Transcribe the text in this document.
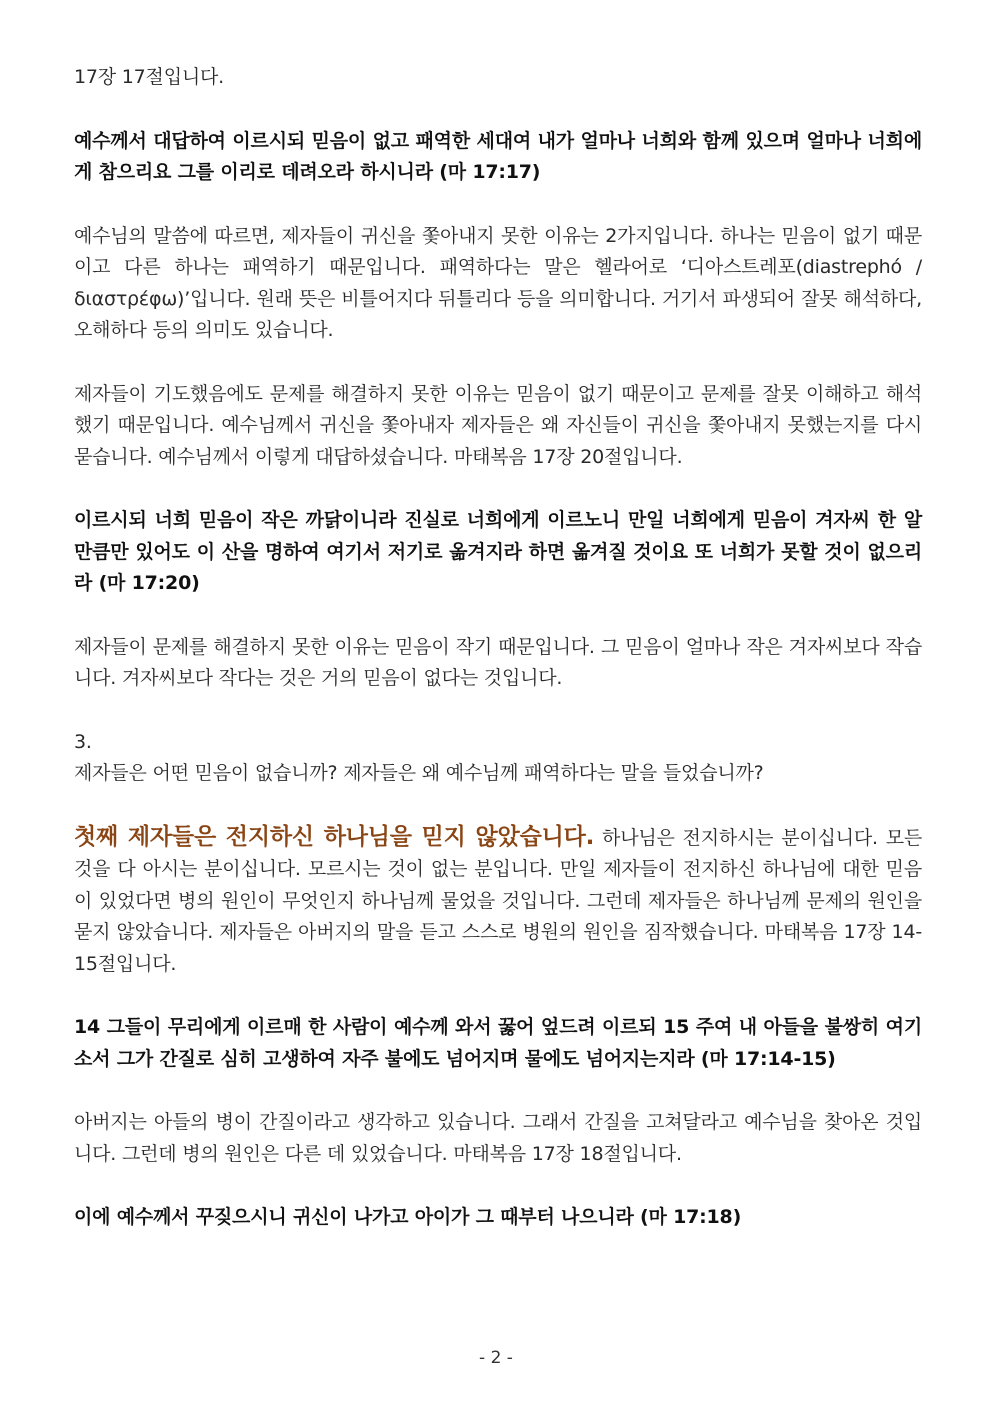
17장 17절입니다.

예수께서 대답하여 이르시되 믿음이 없고 패역한 세대여 내가 얼마나 너희와 함께 있으며 얼마나 너희에게 참으리요 그를 이리로 데려오라 하시니라 (마 17:17)

예수님의 말씀에 따르면, 제자들이 귀신을 쫓아내지 못한 이유는 2가지입니다. 하나는 믿음이 없기 때문이고 다른 하나는 패역하기 때문입니다. 패역하다는 말은 헬라어로 ‘디아스트레포(diastrephó / διαστρέφω)’입니다. 원래 뜻은 비틀어지다 뒤틀리다 등을 의미합니다. 거기서 파생되어 잘못 해석하다, 오해하다 등의 의미도 있습니다.

제자들이 기도했음에도 문제를 해결하지 못한 이유는 믿음이 없기 때문이고 문제를 잘못 이해하고 해석했기 때문입니다. 예수님께서 귀신을 쫓아내자 제자들은 왜 자신들이 귀신을 쫓아내지 못했는지를 다시 묻습니다. 예수님께서 이렇게 대답하셨습니다. 마태복음 17장 20절입니다.

이르시되 너희 믿음이 작은 까닭이니라 진실로 너희에게 이르노니 만일 너희에게 믿음이 겨자씨 한 알 만큼만 있어도 이 산을 명하여 여기서 저기로 옮겨지라 하면 옮겨질 것이요 또 너희가 못할 것이 없으리라 (마 17:20)

제자들이 문제를 해결하지 못한 이유는 믿음이 작기 때문입니다. 그 믿음이 얼마나 작은 겨자씨보다 작습니다. 겨자씨보다 작다는 것은 거의 믿음이 없다는 것입니다.

3.

제자들은 어떤 믿음이 없습니까? 제자들은 왜 예수님께 패역하다는 말을 들었습니까?

첫째 제자들은 전지하신 하나님을 믿지 않았습니다. 하나님은 전지하시는 분이십니다. 모든 것을 다 아시는 분이십니다. 모르시는 것이 없는 분입니다. 만일 제자들이 전지하신 하나님에 대한 믿음이 있었다면 병의 원인이 무엇인지 하나님께 물었을 것입니다. 그런데 제자들은 하나님께 문제의 원인을 묻지 않았습니다. 제자들은 아버지의 말을 듣고 스스로 병원의 원인을 짐작했습니다. 마태복음 17장 14-15절입니다.

14 그들이 무리에게 이르매 한 사람이 예수께 와서 꿇어 엎드려 이르되 15 주여 내 아들을 불쌍히 여기소서 그가 간질로 심히 고생하여 자주 불에도 넘어지며 물에도 넘어지는지라 (마 17:14-15)

아버지는 아들의 병이 간질이라고 생각하고 있습니다. 그래서 간질을 고쳐달라고 예수님을 찾아온 것입니다. 그런데 병의 원인은 다른 데 있었습니다. 마태복음 17장 18절입니다.

이에 예수께서 꾸짖으시니 귀신이 나가고 아이가 그 때부터 나으니라 (마 17:18)

- 2 -
